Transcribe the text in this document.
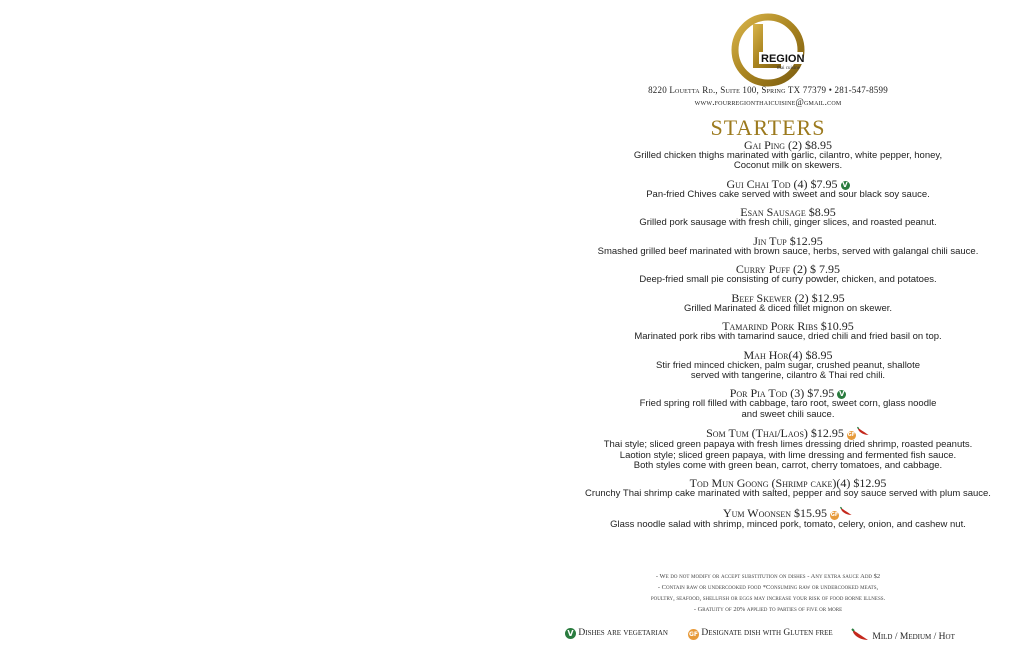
REGION
thai cuisine
8220 Louetta Rd., Suite 100, Spring TX 77379 • 281-547-8599
www.fourregionthaicuisine@gmail.com
STARTERS
Gai Ping (2) $8.95
Grilled chicken thighs marinated with garlic, cilantro, white pepper, honey,
Coconut milk on skewers.
Gui Chai Tod (4) $7.95 V
Pan-fried Chives cake served with sweet and sour black soy sauce.
Esan Sausage $8.95
Grilled pork sausage with fresh chili, ginger slices, and roasted peanut.
Jin Tup $12.95
Smashed grilled beef marinated with brown sauce, herbs, served with galangal chili sauce.
Curry Puff (2) $ 7.95
Deep-fried small pie consisting of curry powder, chicken, and potatoes.
Beef Skewer (2) $12.95
Grilled Marinated & diced fillet mignon on skewer.
Tamarind Pork Ribs $10.95
Marinated pork ribs with tamarind sauce, dried chili and fried basil on top.
Mah Hor(4) $8.95
Stir fried minced chicken, palm sugar, crushed peanut, shallote
served with tangerine, cilantro & Thai red chili.
Por Pia Tod (3) $7.95 V
Fried spring roll filled with cabbage, taro root, sweet corn, glass noodle
and sweet chili sauce.
Som Tum (Thai/Laos) $12.95 GF
Thai style; sliced green papaya with fresh limes dressing dried shrimp, roasted peanuts.
Laotion style; sliced green papaya, with lime dressing and fermented fish sauce.
Both styles come with green bean, carrot, cherry tomatoes, and cabbage.
Tod Mun Goong (Shrimp cake)(4) $12.95
Crunchy Thai shrimp cake marinated with salted, pepper and soy sauce served with plum sauce.
Yum Woonsen $15.95 GF
Glass noodle salad with shrimp, minced pork, tomato, celery, onion, and cashew nut.
- We do not modify or accept substitution on dishes - Any extra sauce Add $2
- Contain raw or undercooked food *Consuming raw or undercooked meats,
poultry, seafood, shellfish or eggs may increase your risk of food borne illness.
- Gratuity of 20% applied to parties of five or more
V Dishes are vegetarian	GF Designate dish with Gluten free	Mild / Medium / Hot
